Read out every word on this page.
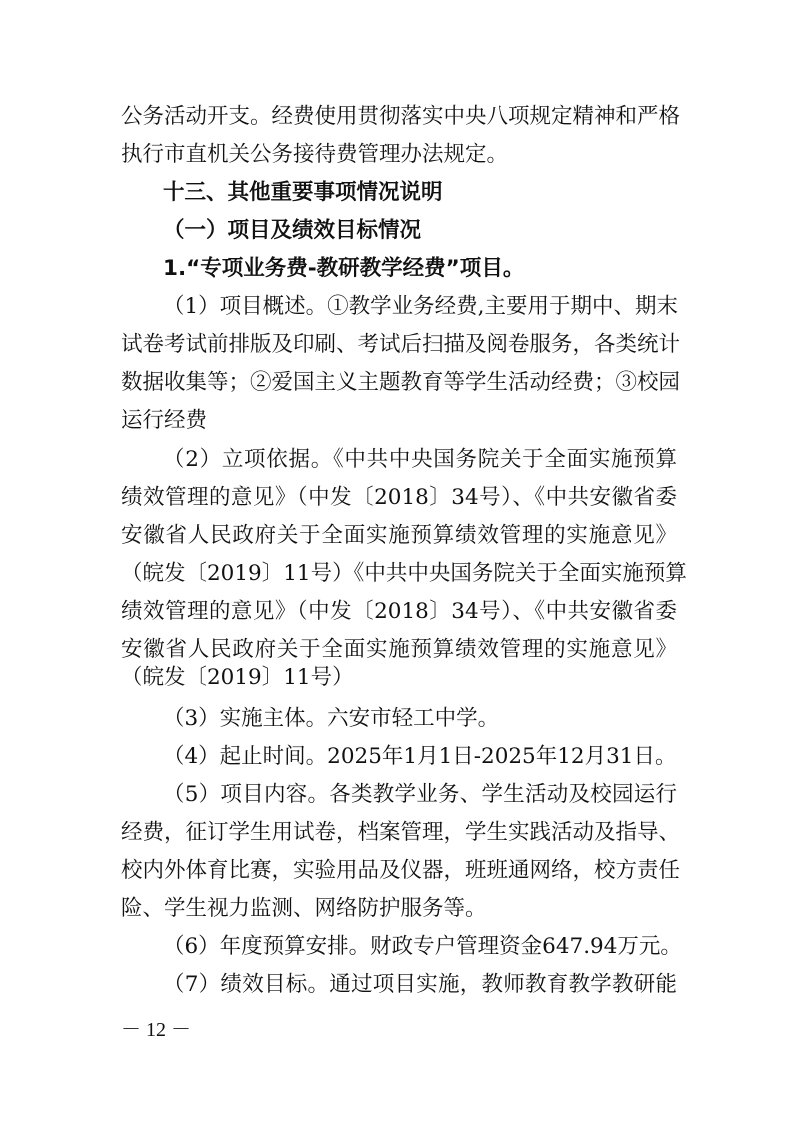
公务活动开支。经费使用贯彻落实中央八项规定精神和严格
执行市直机关公务接待费管理办法规定。
十三、其他重要事项情况说明
（一）项目及绩效目标情况
1.“专项业务费-教研教学经费”项目。
（1）项目概述。①教学业务经费,主要用于期中、期末
试卷考试前排版及印刷、考试后扫描及阅卷服务，各类统计
数据收集等；②爱国主义主题教育等学生活动经费；③校园
运行经费
（2）立项依据。《中共中央国务院关于全面实施预算
绩效管理的意见》（中发〔2018〕34号）、《中共安徽省委
安徽省人民政府关于全面实施预算绩效管理的实施意见》
（皖发〔2019〕11号）《中共中央国务院关于全面实施预算
绩效管理的意见》（中发〔2018〕34号）、《中共安徽省委
安徽省人民政府关于全面实施预算绩效管理的实施意见》
（皖发〔2019〕11号）
（3）实施主体。六安市轻工中学。
（4）起止时间。2025年1月1日-2025年12月31日。
（5）项目内容。各类教学业务、学生活动及校园运行
经费，征订学生用试卷，档案管理，学生实践活动及指导、
校内外体育比赛，实验用品及仪器，班班通网络，校方责任
险、学生视力监测、网络防护服务等。
（6）年度预算安排。财政专户管理资金647.94万元。
（7）绩效目标。通过项目实施，教师教育教学教研能
－ 12 －
